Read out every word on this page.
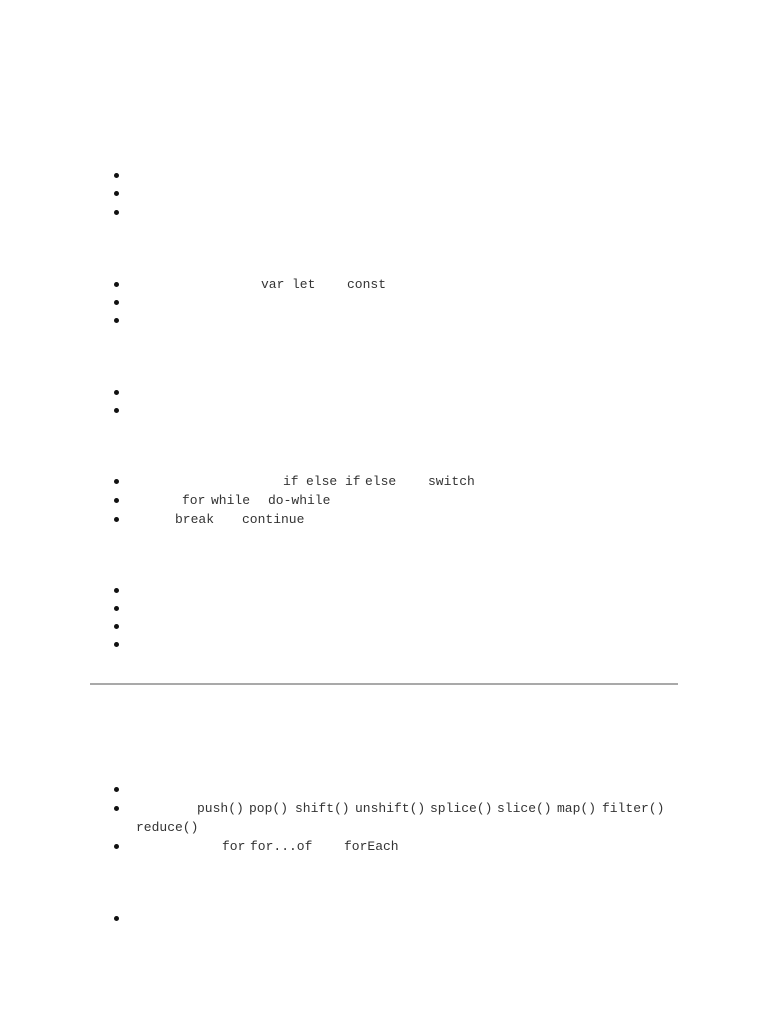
var let const
if else if else switch
for while do-while
break continue
push() pop() shift() unshift() splice() slice() map() filter()
reduce()
for for...of forEach
